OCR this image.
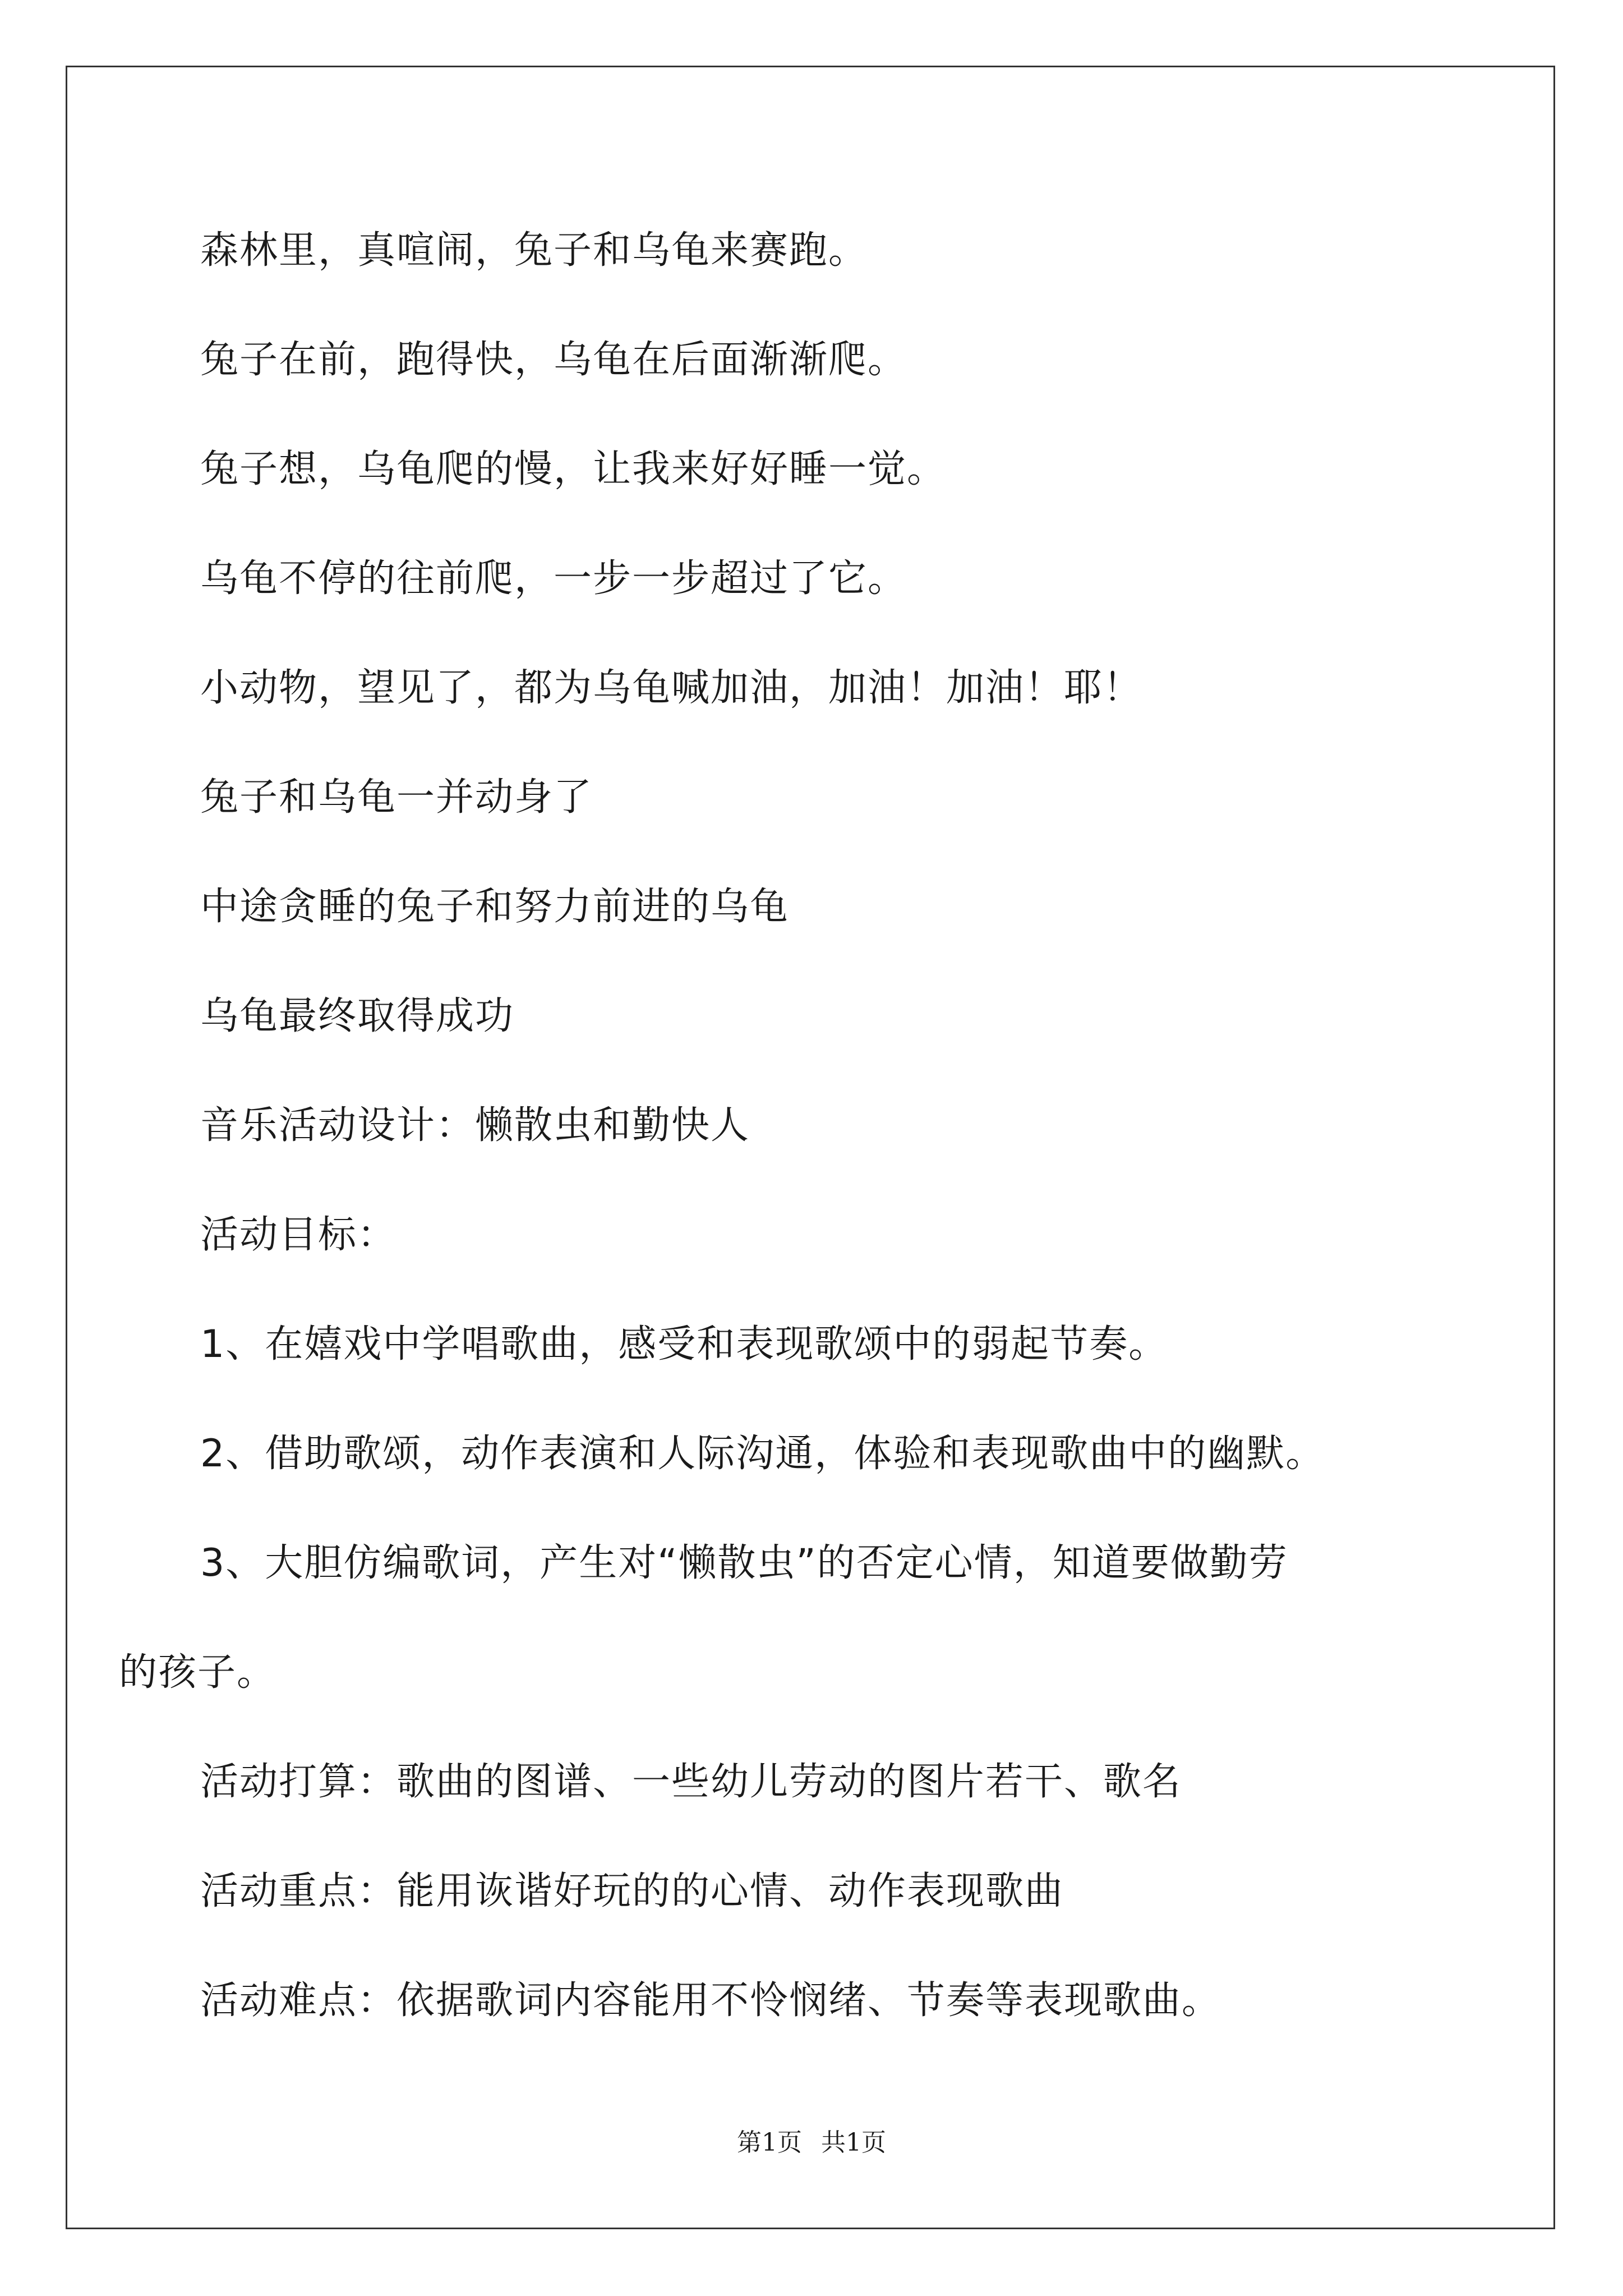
森林里，真喧闹，兔子和乌龟来赛跑。

兔子在前，跑得快，乌龟在后面渐渐爬。

兔子想，乌龟爬的慢，让我来好好睡一觉。

乌龟不停的往前爬，一步一步超过了它。

小动物，望见了，都为乌龟喊加油，加油！加油！耶！

兔子和乌龟一并动身了

中途贪睡的兔子和努力前进的乌龟

乌龟最终取得成功

音乐活动设计：懒散虫和勤快人

活动目标：

1、在嬉戏中学唱歌曲，感受和表现歌颂中的弱起节奏。

2、借助歌颂，动作表演和人际沟通，体验和表现歌曲中的幽默。

3、大胆仿编歌词，产生对“懒散虫”的否定心情，知道要做勤劳

的孩子。

活动打算：歌曲的图谱、一些幼儿劳动的图片若干、歌名

活动重点：能用诙谐好玩的的心情、动作表现歌曲

活动难点：依据歌词内容能用不怜悯绪、节奏等表现歌曲。

第1页 共1页
